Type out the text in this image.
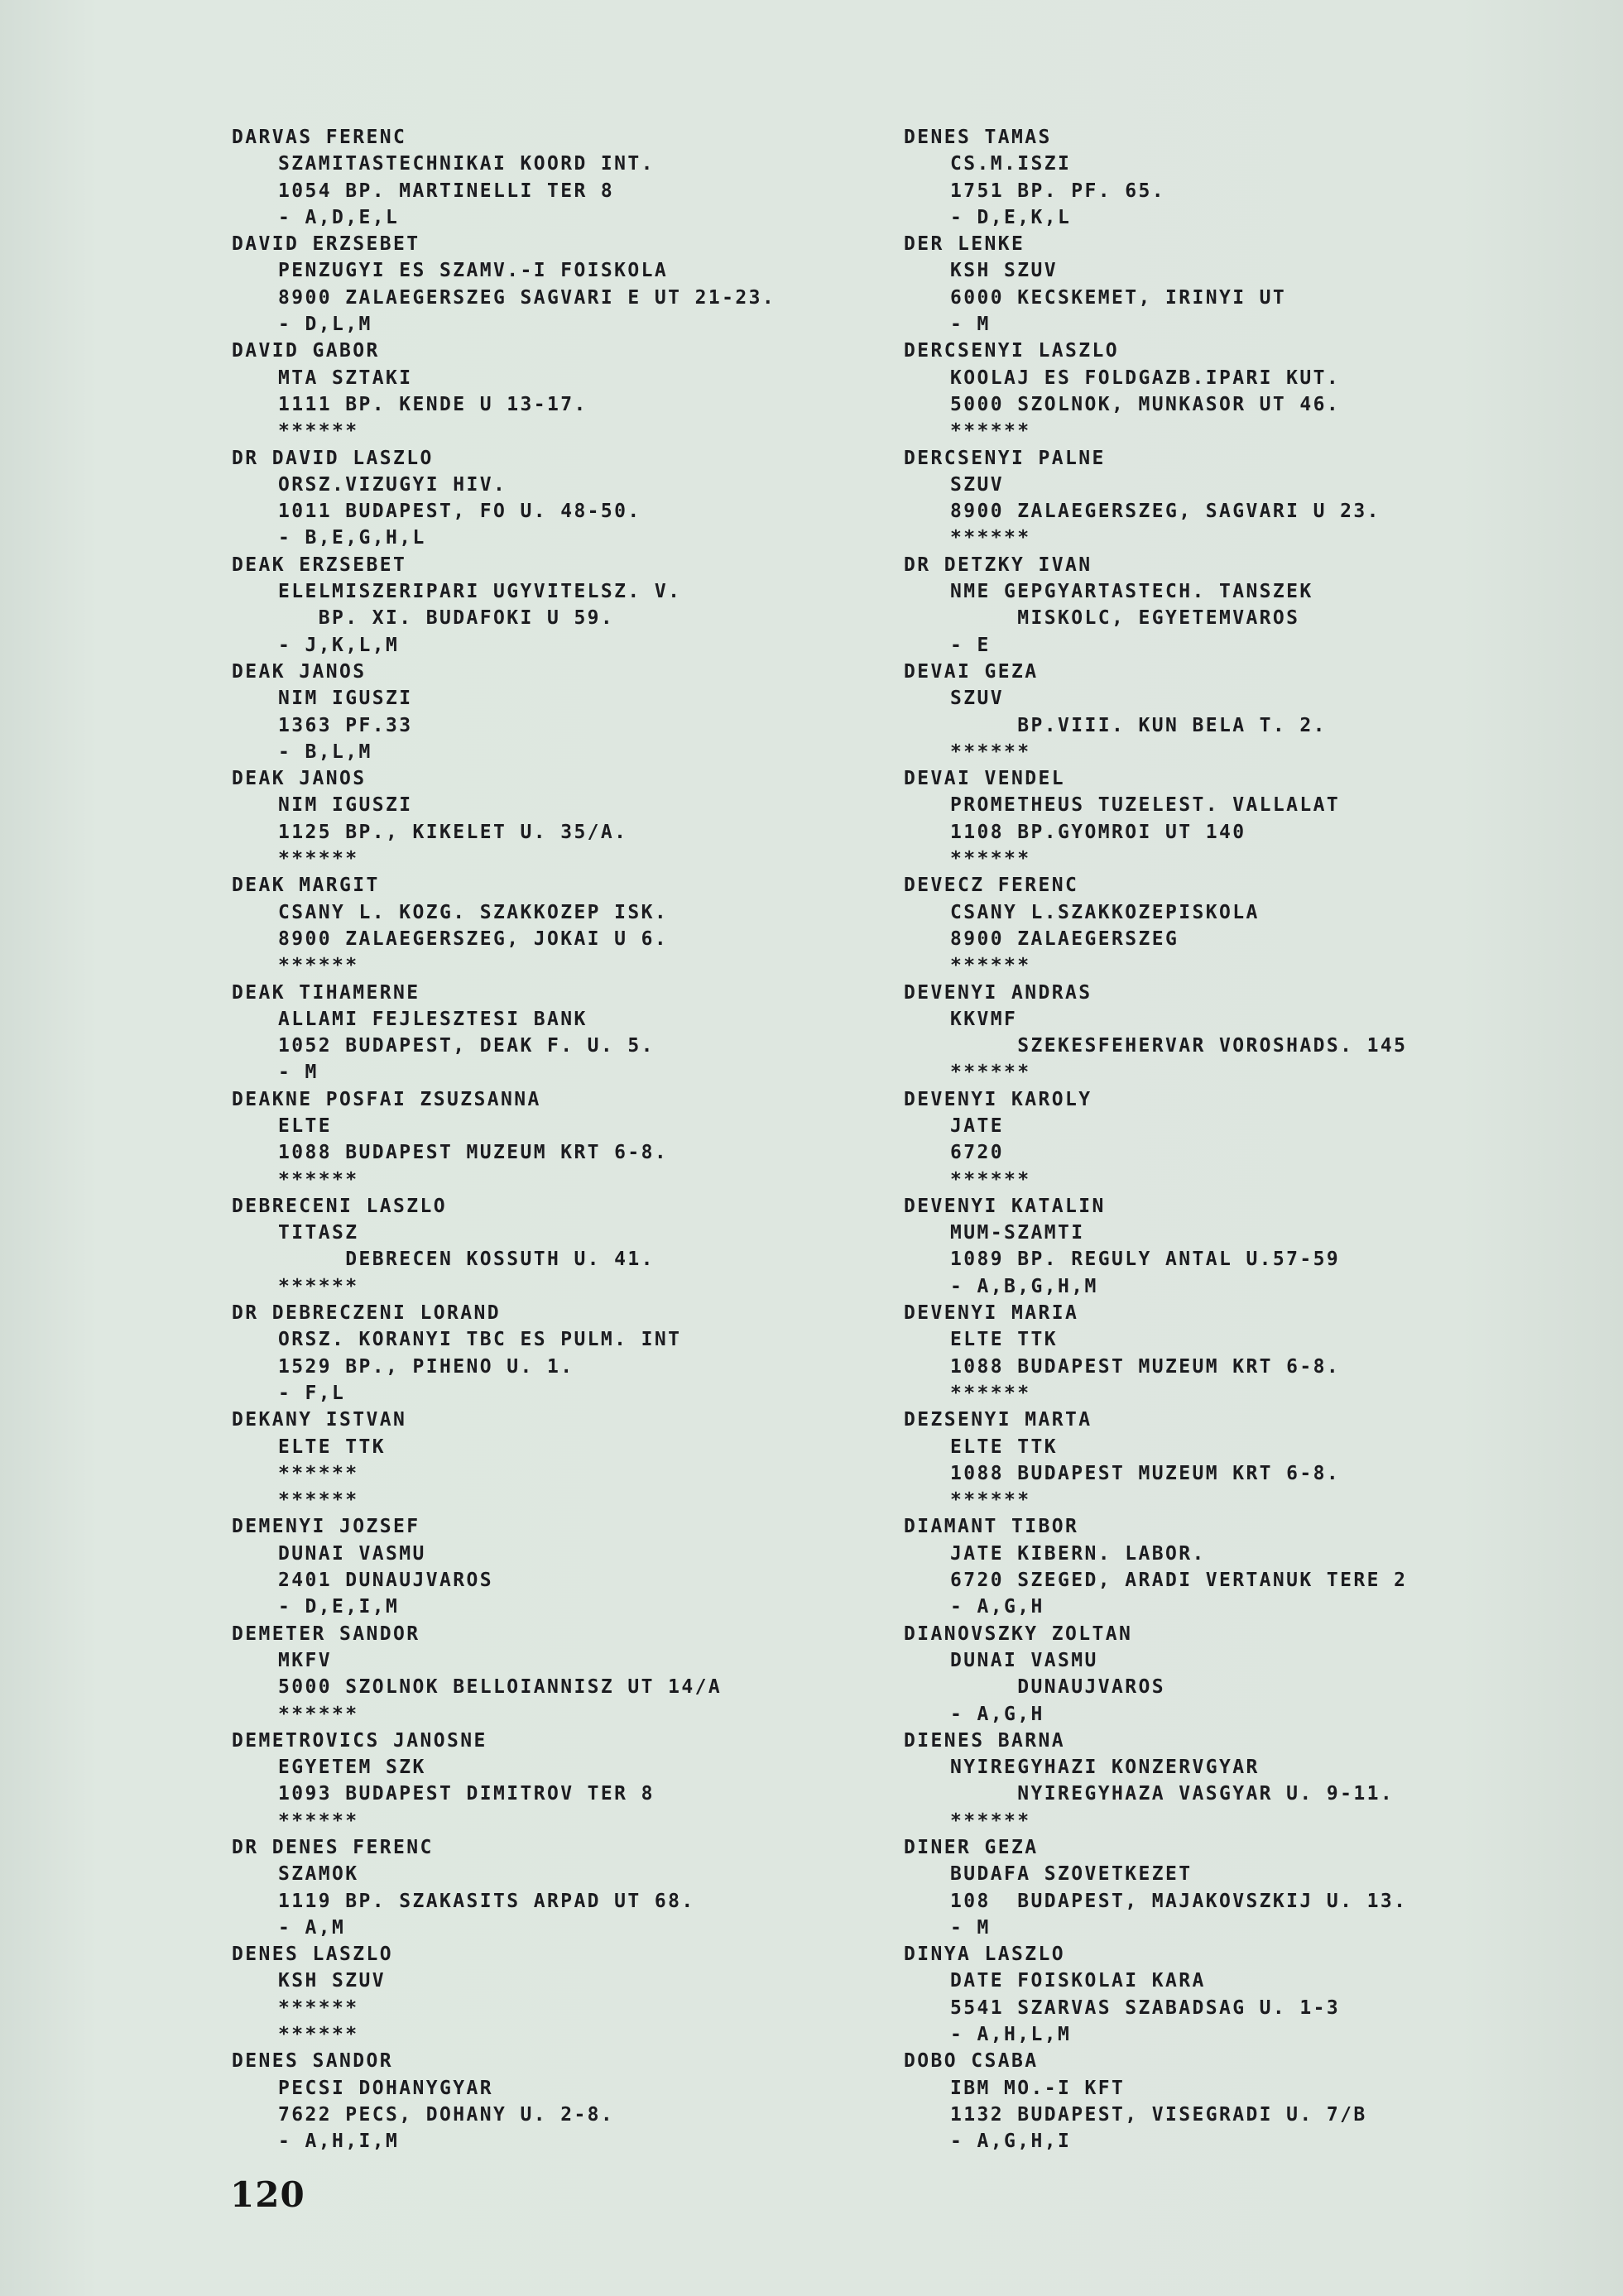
DARVAS FERENC
SZAMITASTECHNIKAI KOORD INT.
1054 BP. MARTINELLI TER 8
- A,D,E,L
DAVID ERZSEBET
PENZUGYI ES SZAMV.-I FOISKOLA
8900 ZALAEGERSZEG SAGVARI E UT 21-23.
- D,L,M
DAVID GABOR
MTA SZTAKI
1111 BP. KENDE U 13-17.
******
DR DAVID LASZLO
ORSZ.VIZUGYI HIV.
1011 BUDAPEST, FO U. 48-50.
- B,E,G,H,L
DEAK ERZSEBET
ELELMISZERIPARI UGYVITELSZ. V.
BP. XI. BUDAFOKI U 59.
- J,K,L,M
DEAK JANOS
NIM IGUSZI
1363 PF.33
- B,L,M
DEAK JANOS
NIM IGUSZI
1125 BP., KIKELET U. 35/A.
******
DEAK MARGIT
CSANY L. KOZG. SZAKKOZEP ISK.
8900 ZALAEGERSZEG, JOKAI U 6.
******
DEAK TIHAMERNE
ALLAMI FEJLESZTESI BANK
1052 BUDAPEST, DEAK F. U. 5.
- M
DEAKNE POSFAI ZSUZSANNA
ELTE
1088 BUDAPEST MUZEUM KRT 6-8.
******
DEBRECENI LASZLO
TITASZ
DEBRECEN KOSSUTH U. 41.
******
DR DEBRECZENI LORAND
ORSZ. KORANYI TBC ES PULM. INT
1529 BP., PIHENO U. 1.
- F,L
DEKANY ISTVAN
ELTE TTK
******
******
DEMENYI JOZSEF
DUNAI VASMU
2401 DUNAUJVAROS
- D,E,I,M
DEMETER SANDOR
MKFV
5000 SZOLNOK BELLOIANNISZ UT 14/A
******
DEMETROVICS JANOSNE
EGYETEM SZK
1093 BUDAPEST DIMITROV TER 8
******
DR DENES FERENC
SZAMOK
1119 BP. SZAKASITS ARPAD UT 68.
- A,M
DENES LASZLO
KSH SZUV
******
******
DENES SANDOR
PECSI DOHANYGYAR
7622 PECS, DOHANY U. 2-8.
- A,H,I,M
DENES TAMAS
CS.M.ISZI
1751 BP. PF. 65.
- D,E,K,L
DER LENKE
KSH SZUV
6000 KECSKEMET, IRINYI UT
- M
DERCSENYI LASZLO
KOOLAJ ES FOLDGAZB.IPARI KUT.
5000 SZOLNOK, MUNKASOR UT 46.
******
DERCSENYI PALNE
SZUV
8900 ZALAEGERSZEG, SAGVARI U 23.
******
DR DETZKY IVAN
NME GEPGYARTASTECH. TANSZEK
MISKOLC, EGYETEMVAROS
- E
DEVAI GEZA
SZUV
BP.VIII. KUN BELA T. 2.
******
DEVAI VENDEL
PROMETHEUS TUZELEST. VALLALAT
1108 BP.GYOMROI UT 140
******
DEVECZ FERENC
CSANY L.SZAKKOZEPISKOLA
8900 ZALAEGERSZEG
******
DEVENYI ANDRAS
KKVMF
SZEKESFEHERVAR VOROSHADS. 145
******
DEVENYI KAROLY
JATE
6720
******
DEVENYI KATALIN
MUM-SZAMTI
1089 BP. REGULY ANTAL U.57-59
- A,B,G,H,M
DEVENYI MARIA
ELTE TTK
1088 BUDAPEST MUZEUM KRT 6-8.
******
DEZSENYI MARTA
ELTE TTK
1088 BUDAPEST MUZEUM KRT 6-8.
******
DIAMANT TIBOR
JATE KIBERN. LABOR.
6720 SZEGED, ARADI VERTANUK TERE 2
- A,G,H
DIANOVSZKY ZOLTAN
DUNAI VASMU
DUNAUJVAROS
- A,G,H
DIENES BARNA
NYIREGYHAZI KONZERVGYAR
NYIREGYHAZA VASGYAR U. 9-11.
******
DINER GEZA
BUDAFA SZOVETKEZET
108  BUDAPEST, MAJAKOVSZKIJ U. 13.
- M
DINYA LASZLO
DATE FOISKOLAI KARA
5541 SZARVAS SZABADSAG U. 1-3
- A,H,L,M
DOBO CSABA
IBM MO.-I KFT
1132 BUDAPEST, VISEGRADI U. 7/B
- A,G,H,I
120
